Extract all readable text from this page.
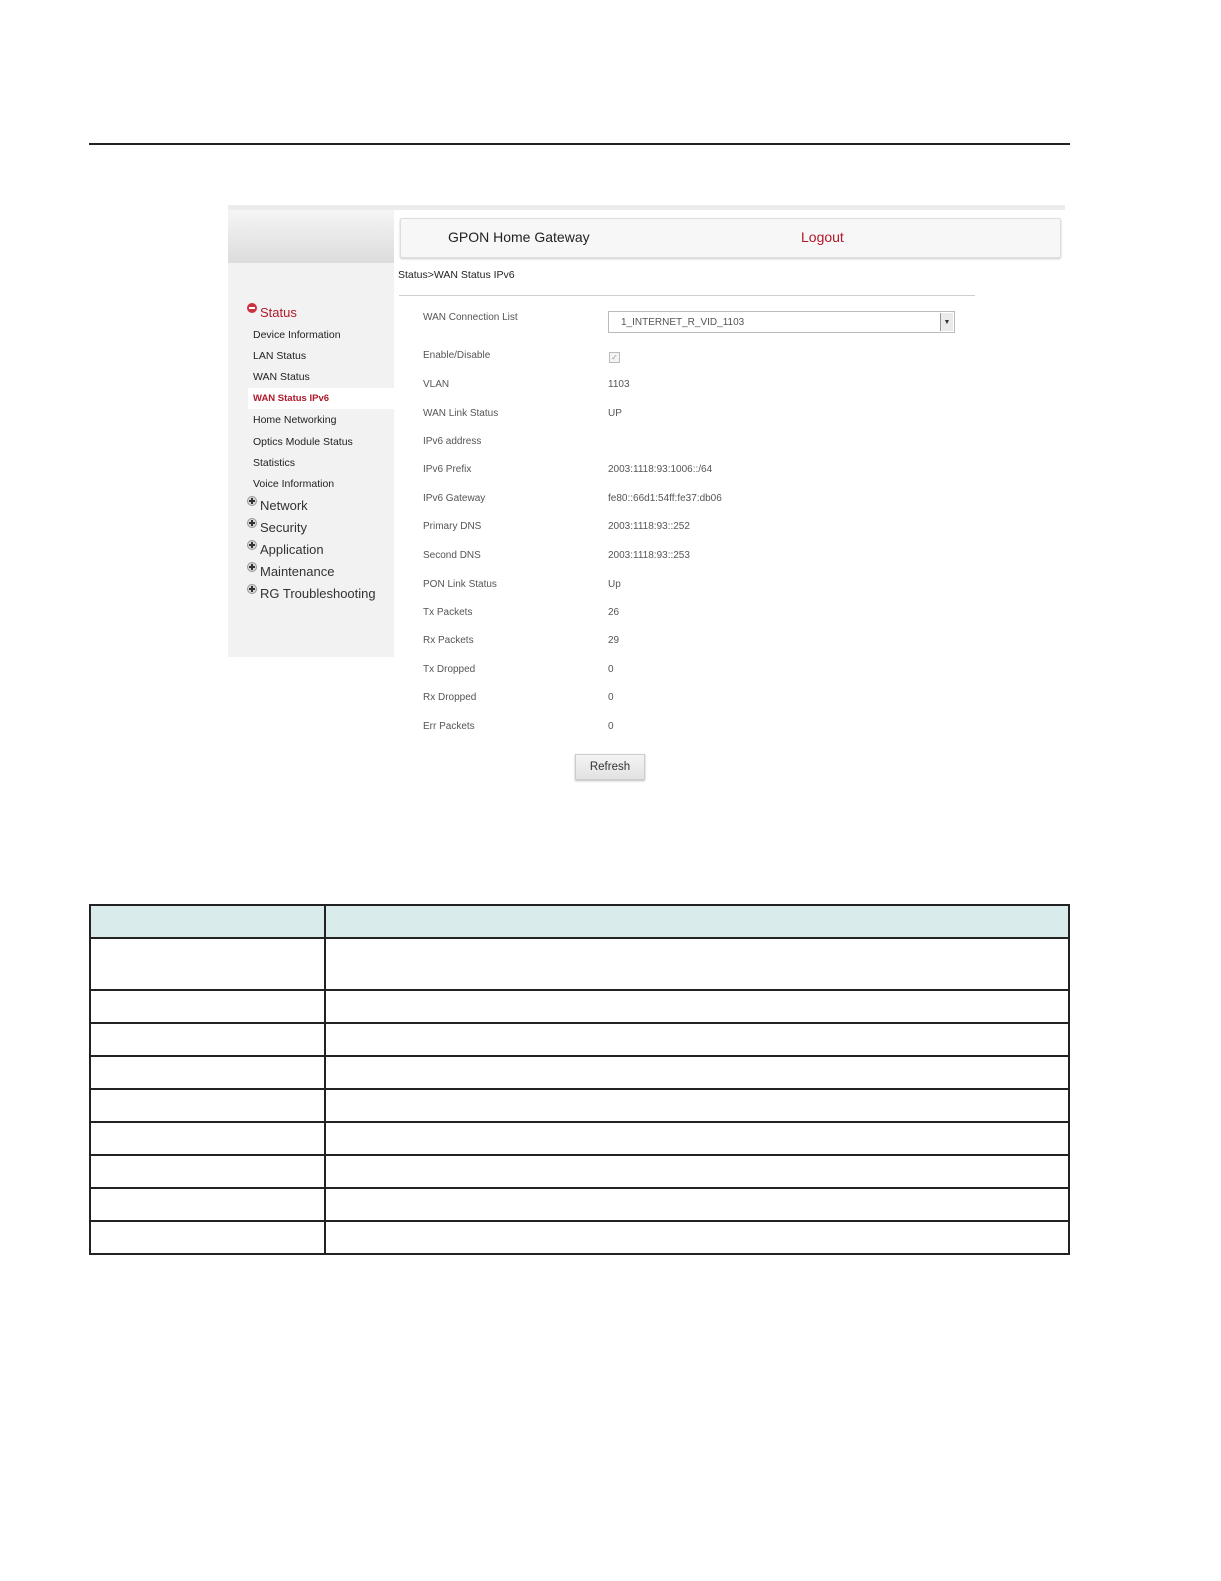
Status
Device Information
LAN Status
WAN Status
WAN Status IPv6
Home Networking
Optics Module Status
Statistics
Voice Information
Network
Security
Application
Maintenance
RG Troubleshooting
GPON Home Gateway	Logout
Status>WAN Status IPv6
WAN Connection List	1_INTERNET_R_VID_1103	▼
Enable/Disable	✓
VLAN	1103
WAN Link Status	UP
IPv6 address
IPv6 Prefix	2003:1118:93:1006::/64
IPv6 Gateway	fe80::66d1:54ff:fe37:db06
Primary DNS	2003:1118:93::252
Second DNS	2003:1118:93::253
PON Link Status	Up
Tx Packets	26
Rx Packets	29
Tx Dropped	0
Rx Dropped	0
Err Packets	0
Refresh
